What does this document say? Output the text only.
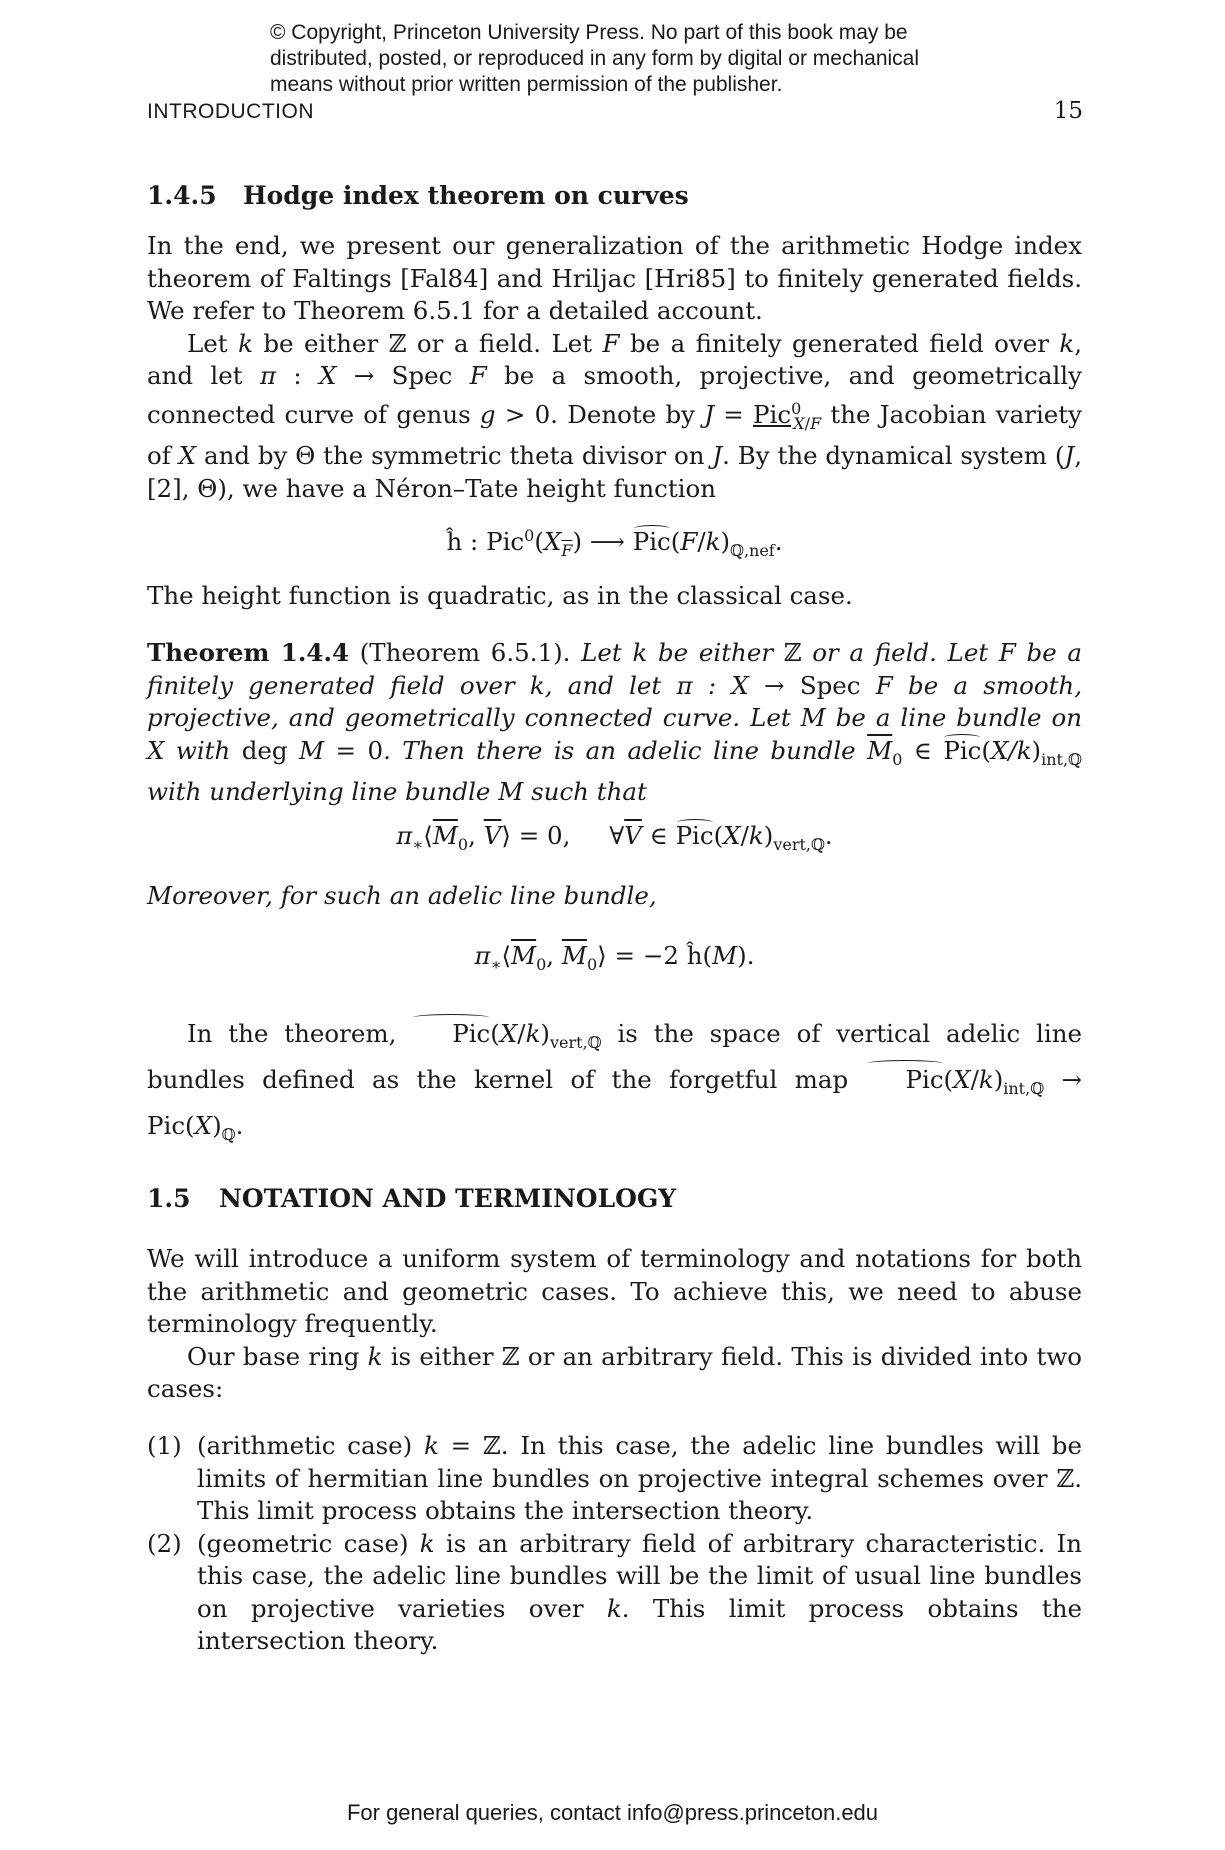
© Copyright, Princeton University Press. No part of this book may be distributed, posted, or reproduced in any form by digital or mechanical means without prior written permission of the publisher.
INTRODUCTION	15
1.4.5 Hodge index theorem on curves

In the end, we present our generalization of the arithmetic Hodge index theorem of Faltings [Fal84] and Hriljac [Hri85] to finitely generated fields. We refer to Theorem 6.5.1 for a detailed account.

Let k be either ℤ or a field. Let F be a finitely generated field over k, and let π : X → Spec F be a smooth, projective, and geometrically connected curve of genus g > 0. Denote by J = Pic$^0_{X/F}$ the Jacobian variety of X and by Θ the symmetric theta divisor on J. By the dynamical system (J, [2], Θ), we have a Néron–Tate height function

ĥ : $Pic^0(X_{\overline{F}})$ ⟶ $Pic(F/k)_{ℚ,nef}$.

The height function is quadratic, as in the classical case.

Theorem 1.4.4 (Theorem 6.5.1). Let k be either ℤ or a field. Let F be a finitely generated field over k, and let π : X → Spec F be a smooth, projective, and geometrically connected curve. Let M be a line bundle on X with deg M = 0. Then there is an adelic line bundle $\overline{M}_0$ ∈ $Pic(X/k)_{int,ℚ}$ with underlying line bundle M such that

$\pi_∗⟨\overline{M}_0$, $\overline{V}⟩ = 0$,     $\forall\overline{V}$ ∈ $Pic(X/k)_{vert,ℚ}$.

Moreover, for such an adelic line bundle,

$\pi_∗⟨\overline{M}_0$, $\overline{M}_0⟩ = -2$ ĥ(M).

In the theorem, $Pic(X/k)_{vert,ℚ}$ is the space of vertical adelic line bundles defined as the kernel of the forgetful map $Pic(X/k)_{int,ℚ} \to Pic(X)_ℚ$.

1.5 NOTATION AND TERMINOLOGY

We will introduce a uniform system of terminology and notations for both the arithmetic and geometric cases. To achieve this, we need to abuse terminology frequently.

Our base ring k is either ℤ or an arbitrary field. This is divided into two cases:

(1) (arithmetic case) k = ℤ. In this case, the adelic line bundles will be limits of hermitian line bundles on projective integral schemes over ℤ. This limit process obtains the intersection theory.
(2) (geometric case) k is an arbitrary field of arbitrary characteristic. In this case, the adelic line bundles will be the limit of usual line bundles on projective varieties over k. This limit process obtains the intersection theory.
For general queries, contact info@press.princeton.edu
